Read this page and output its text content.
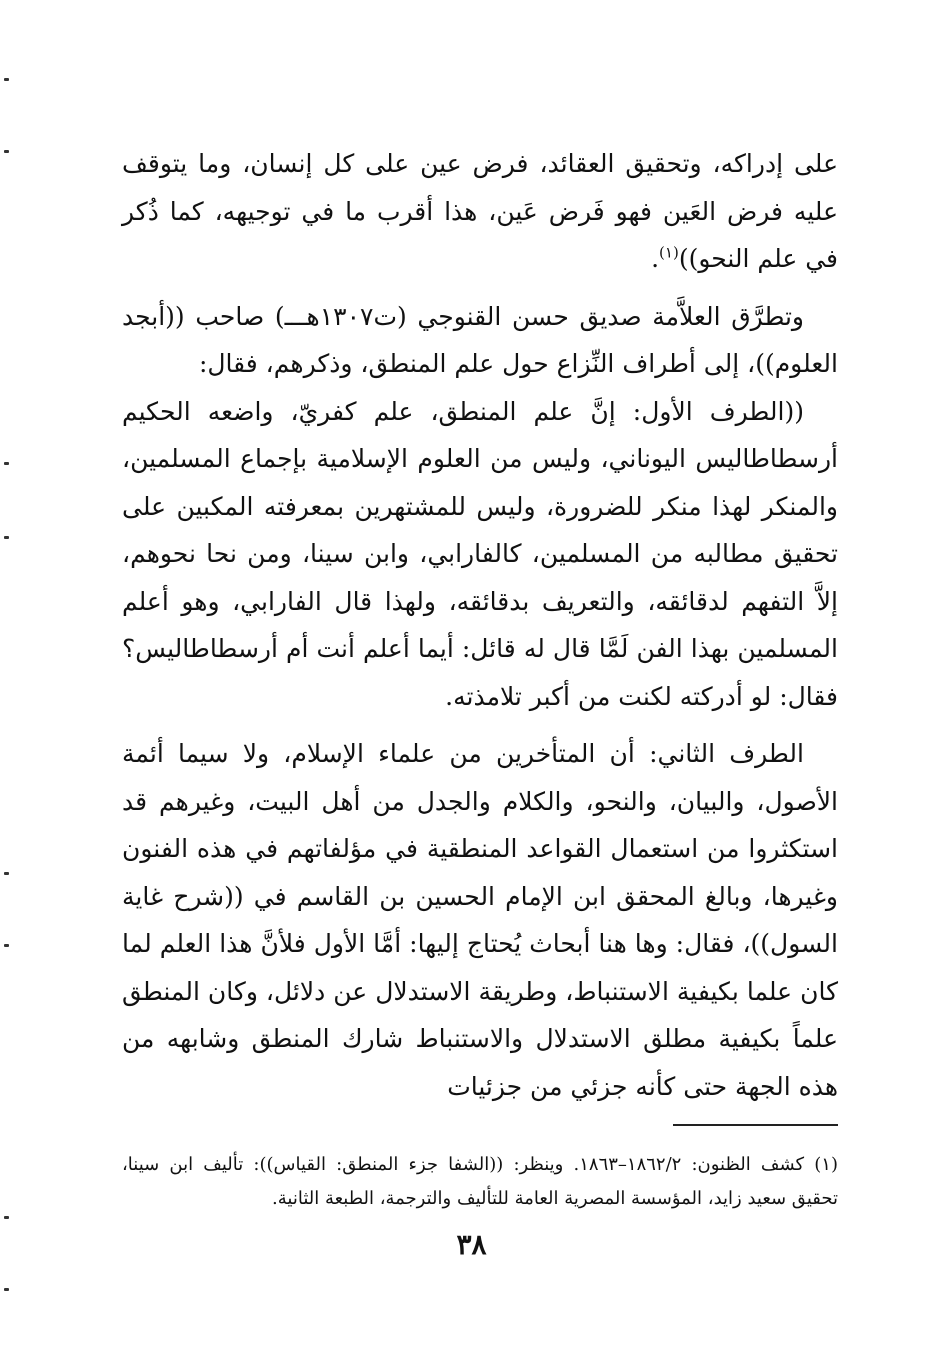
على إدراكه، وتحقيق العقائد، فرض عين على كل إنسان، وما يتوقف عليه فرض العَين فهو فَرض عَين، هذا أقرب ما في توجيهه، كما ذُكر في علم النحو))$^{(١)}$.

وتطرَّق العلاَّمة صديق حسن القنوجي (ت١٣٠٧هـــ) صاحب ((أبجد العلوم))، إلى أطراف النِّزاع حول علم المنطق، وذكرهم، فقال:

((الطرف الأول: إنَّ علم المنطق، علم كفريّ، واضعه الحكيم أرسطاطاليس اليوناني، وليس من العلوم الإسلامية بإجماع المسلمين، والمنكر لهذا منكر للضرورة، وليس للمشتهرين بمعرفته المكبين على تحقيق مطالبه من المسلمين، كالفارابي، وابن سينا، ومن نحا نحوهم، إلاَّ التفهم لدقائقه، والتعريف بدقائقه، ولهذا قال الفارابي، وهو أعلم المسلمين بهذا الفن لَمَّا قال له قائل: أيما أعلم أنت أم أرسطاطاليس؟ فقال: لو أدركته لكنت من أكبر تلامذته.

الطرف الثاني: أن المتأخرين من علماء الإسلام، ولا سيما أئمة الأصول، والبيان، والنحو، والكلام والجدل من أهل البيت، وغيرهم قد استكثروا من استعمال القواعد المنطقية في مؤلفاتهم في هذه الفنون وغيرها، وبالغ المحقق ابن الإمام الحسين بن القاسم في ((شرح غاية السول))، فقال: وها هنا أبحاث يُحتاج إليها: أمَّا الأول فلأنَّ هذا العلم لما كان علما بكيفية الاستنباط، وطريقة الاستدلال عن دلائل، وكان المنطق علماً بكيفية مطلق الاستدلال والاستنباط شارك المنطق وشابهه من هذه الجهة حتى كأنه جزئي من جزئيات

(١) كشف الظنون: ١٨٦٢/٢–١٨٦٣. وينظر: ((الشفا جزء المنطق: القياس)): تأليف ابن سينا، تحقيق سعيد زايد، المؤسسة المصرية العامة للتأليف والترجمة، الطبعة الثانية.

٣٨
